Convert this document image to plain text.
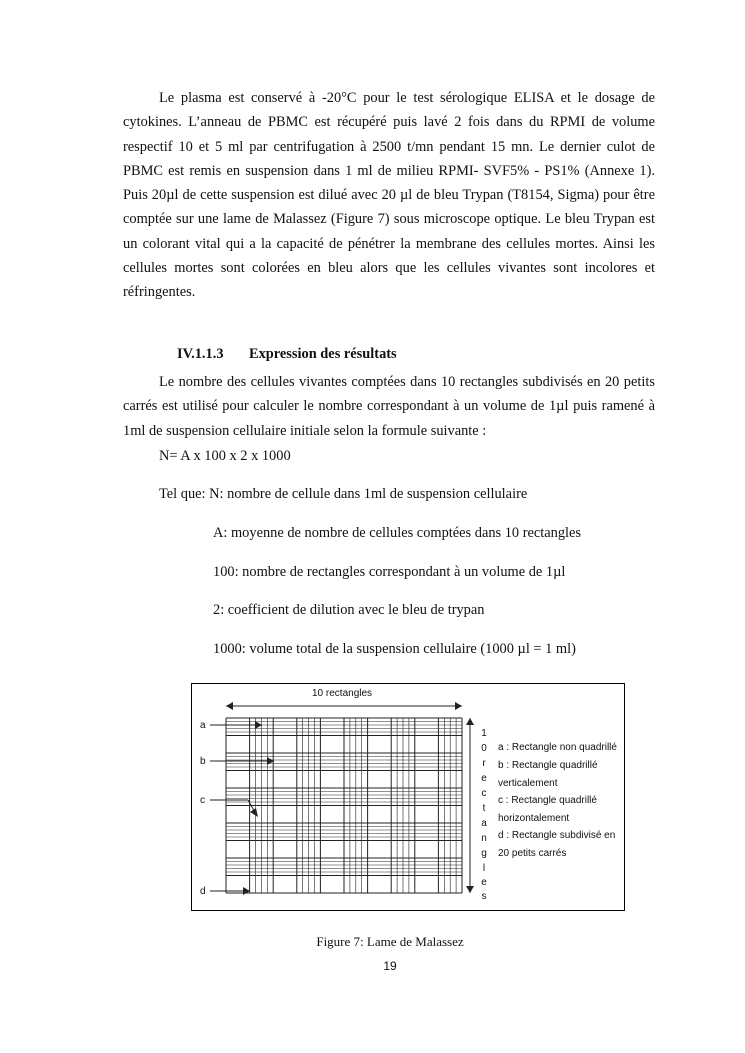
Le plasma est conservé à -20°C pour le test sérologique ELISA et le dosage de cytokines. L’anneau de PBMC est récupéré puis lavé 2 fois dans du RPMI de volume respectif 10 et 5 ml par centrifugation à 2500 t/mn pendant 15 mn. Le dernier culot de PBMC est remis en suspension dans 1 ml de milieu RPMI- SVF5% - PS1% (Annexe 1). Puis 20µl de cette suspension est dilué avec 20 µl de bleu Trypan (T8154, Sigma) pour être comptée sur une lame de Malassez (Figure 7) sous microscope optique. Le bleu Trypan est un colorant vital qui a la capacité de pénétrer la membrane des cellules mortes. Ainsi les cellules mortes sont colorées en bleu alors que les cellules vivantes sont incolores et réfringentes.

IV.1.1.3 Expression des résultats

Le nombre des cellules vivantes comptées dans 10 rectangles subdivisés en 20 petits carrés est utilisé pour calculer le nombre correspondant à un volume de 1µl puis ramené à 1ml de suspension cellulaire initiale selon la formule suivante :

N= A x 100 x 2 x 1000

Tel que: N: nombre de cellule dans 1ml de suspension cellulaire

A: moyenne de nombre de cellules comptées dans 10 rectangles

100: nombre de rectangles correspondant à un volume de 1µl

2: coefficient de dilution avec le bleu de trypan

1000: volume total de la suspension cellulaire (1000 µl = 1 ml)

10 rectangles
a
b
c
d
1
0
r
e
c
t
a
n
g
l
e
s
a : Rectangle non quadrillé
b : Rectangle quadrillé verticalement
c : Rectangle quadrillé horizontalement
d : Rectangle subdivisé en 20 petits carrés

Figure 7: Lame de Malassez

19
